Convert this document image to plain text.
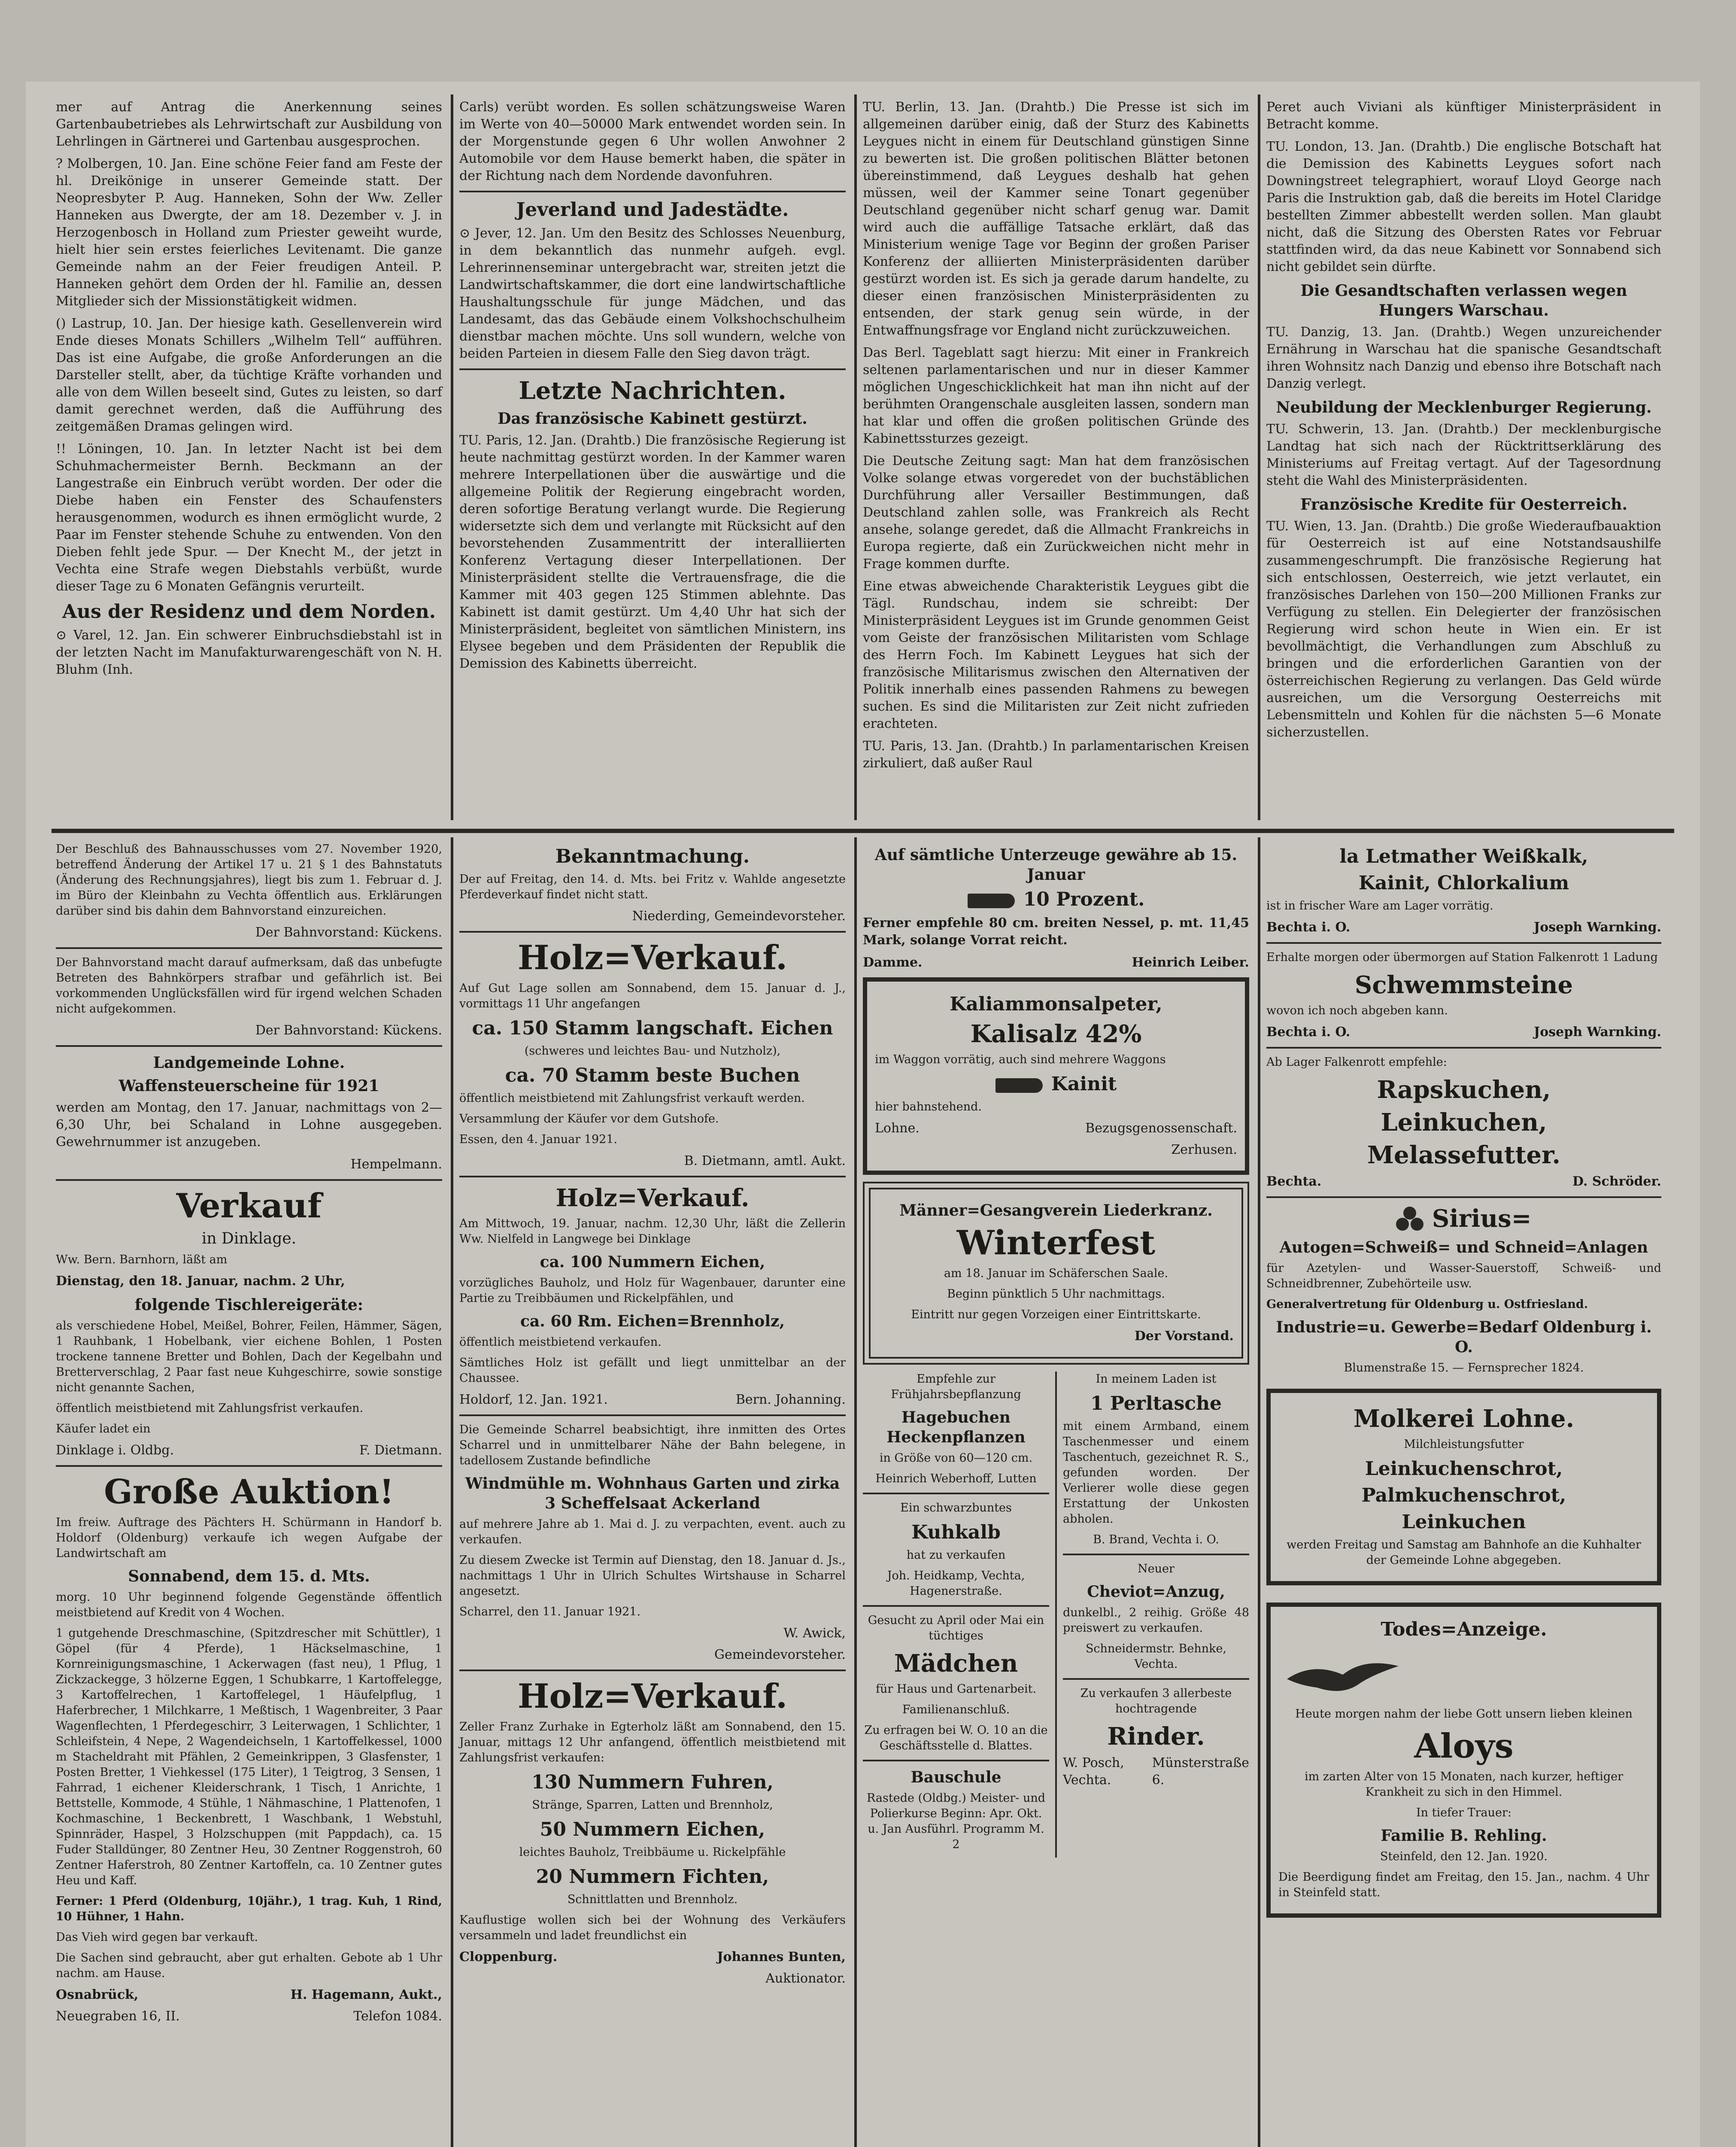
mer auf Antrag die Anerkennung seines Gartenbaubetriebes als Lehrwirtschaft zur Ausbildung von Lehrlingen in Gärtnerei und Gartenbau ausgesprochen.

? Molbergen, 10. Jan. Eine schöne Feier fand am Feste der hl. Dreikönige in unserer Gemeinde statt. Der Neopresbyter P. Aug. Hanneken, Sohn der Ww. Zeller Hanneken aus Dwergte, der am 18. Dezember v. J. in Herzogenbosch in Holland zum Priester geweiht wurde, hielt hier sein erstes feierliches Levitenamt. Die ganze Gemeinde nahm an der Feier freudigen Anteil. P. Hanneken gehört dem Orden der hl. Familie an, dessen Mitglieder sich der Missionstätigkeit widmen.

() Lastrup, 10. Jan. Der hiesige kath. Gesellenverein wird Ende dieses Monats Schillers „Wilhelm Tell“ aufführen. Das ist eine Aufgabe, die große Anforderungen an die Darsteller stellt, aber, da tüchtige Kräfte vorhanden und alle von dem Willen beseelt sind, Gutes zu leisten, so darf damit gerechnet werden, daß die Aufführung des zeitgemäßen Dramas gelingen wird.

!! Löningen, 10. Jan. In letzter Nacht ist bei dem Schuhmachermeister Bernh. Beckmann an der Langestraße ein Einbruch verübt worden. Der oder die Diebe haben ein Fenster des Schaufensters herausgenommen, wodurch es ihnen ermöglicht wurde, 2 Paar im Fenster stehende Schuhe zu entwenden. Von den Dieben fehlt jede Spur. — Der Knecht M., der jetzt in Vechta eine Strafe wegen Diebstahls verbüßt, wurde dieser Tage zu 6 Monaten Gefängnis verurteilt.

Aus der Residenz und dem Norden.

⊙ Varel, 12. Jan. Ein schwerer Einbruchsdiebstahl ist in der letzten Nacht im Manufakturwarengeschäft von N. H. Bluhm (Inh.

Carls) verübt worden. Es sollen schätzungsweise Waren im Werte von 40—50000 Mark entwendet worden sein. In der Morgenstunde gegen 6 Uhr wollen Anwohner 2 Automobile vor dem Hause bemerkt haben, die später in der Richtung nach dem Nordende davonfuhren.

Jeverland und Jadestädte.

⊙ Jever, 12. Jan. Um den Besitz des Schlosses Neuenburg, in dem bekanntlich das nunmehr aufgeh. evgl. Lehrerinnenseminar untergebracht war, streiten jetzt die Landwirtschaftskammer, die dort eine landwirtschaftliche Haushaltungsschule für junge Mädchen, und das Landesamt, das das Gebäude einem Volkshochschulheim dienstbar machen möchte. Uns soll wundern, welche von beiden Parteien in diesem Falle den Sieg davon trägt.

Letzte Nachrichten.
Das französische Kabinett gestürzt.

TU. Paris, 12. Jan. (Drahtb.) Die französische Regierung ist heute nachmittag gestürzt worden. In der Kammer waren mehrere Interpellationen über die auswärtige und die allgemeine Politik der Regierung eingebracht worden, deren sofortige Beratung verlangt wurde. Die Regierung widersetzte sich dem und verlangte mit Rücksicht auf den bevorstehenden Zusammentritt der interalliierten Konferenz Vertagung dieser Interpellationen. Der Ministerpräsident stellte die Vertrauensfrage, die die Kammer mit 403 gegen 125 Stimmen ablehnte. Das Kabinett ist damit gestürzt. Um 4,40 Uhr hat sich der Ministerpräsident, begleitet von sämtlichen Ministern, ins Elysee begeben und dem Präsidenten der Republik die Demission des Kabinetts überreicht.

TU. Berlin, 13. Jan. (Drahtb.) Die Presse ist sich im allgemeinen darüber einig, daß der Sturz des Kabinetts Leygues nicht in einem für Deutschland günstigen Sinne zu bewerten ist. Die großen politischen Blätter betonen übereinstimmend, daß Leygues deshalb hat gehen müssen, weil der Kammer seine Tonart gegenüber Deutschland gegenüber nicht scharf genug war. Damit wird auch die auffällige Tatsache erklärt, daß das Ministerium wenige Tage vor Beginn der großen Pariser Konferenz der alliierten Ministerpräsidenten darüber gestürzt worden ist. Es sich ja gerade darum handelte, zu dieser einen französischen Ministerpräsidenten zu entsenden, der stark genug sein würde, in der Entwaffnungsfrage vor England nicht zurückzuweichen.

Das Berl. Tageblatt sagt hierzu: Mit einer in Frankreich seltenen parlamentarischen und nur in dieser Kammer möglichen Ungeschicklichkeit hat man ihn nicht auf der berühmten Orangenschale ausgleiten lassen, sondern man hat klar und offen die großen politischen Gründe des Kabinettssturzes gezeigt.

Die Deutsche Zeitung sagt: Man hat dem französischen Volke solange etwas vorgeredet von der buchstäblichen Durchführung aller Versailler Bestimmungen, daß Deutschland zahlen solle, was Frankreich als Recht ansehe, solange geredet, daß die Allmacht Frankreichs in Europa regierte, daß ein Zurückweichen nicht mehr in Frage kommen durfte.

Eine etwas abweichende Charakteristik Leygues gibt die Tägl. Rundschau, indem sie schreibt: Der Ministerpräsident Leygues ist im Grunde genommen Geist vom Geiste der französischen Militaristen vom Schlage des Herrn Foch. Im Kabinett Leygues hat sich der französische Militarismus zwischen den Alternativen der Politik innerhalb eines passenden Rahmens zu bewegen suchen. Es sind die Militaristen zur Zeit nicht zufrieden erachteten.

TU. Paris, 13. Jan. (Drahtb.) In parlamentarischen Kreisen zirkuliert, daß außer Raul

Peret auch Viviani als künftiger Ministerpräsident in Betracht komme.

TU. London, 13. Jan. (Drahtb.) Die englische Botschaft hat die Demission des Kabinetts Leygues sofort nach Downingstreet telegraphiert, worauf Lloyd George nach Paris die Instruktion gab, daß die bereits im Hotel Claridge bestellten Zimmer abbestellt werden sollen. Man glaubt nicht, daß die Sitzung des Obersten Rates vor Februar stattfinden wird, da das neue Kabinett vor Sonnabend sich nicht gebildet sein dürfte.

Die Gesandtschaften verlassen wegen Hungers Warschau.

TU. Danzig, 13. Jan. (Drahtb.) Wegen unzureichender Ernährung in Warschau hat die spanische Gesandtschaft ihren Wohnsitz nach Danzig und ebenso ihre Botschaft nach Danzig verlegt.

Neubildung der Mecklenburger Regierung.

TU. Schwerin, 13. Jan. (Drahtb.) Der mecklenburgische Landtag hat sich nach der Rücktrittserklärung des Ministeriums auf Freitag vertagt. Auf der Tagesordnung steht die Wahl des Ministerpräsidenten.

Französische Kredite für Oesterreich.

TU. Wien, 13. Jan. (Drahtb.) Die große Wiederaufbauaktion für Oesterreich ist auf eine Notstandsaushilfe zusammengeschrumpft. Die französische Regierung hat sich entschlossen, Oesterreich, wie jetzt verlautet, ein französisches Darlehen von 150—200 Millionen Franks zur Verfügung zu stellen. Ein Delegierter der französischen Regierung wird schon heute in Wien ein. Er ist bevollmächtigt, die Verhandlungen zum Abschluß zu bringen und die erforderlichen Garantien von der österreichischen Regierung zu verlangen. Das Geld würde ausreichen, um die Versorgung Oesterreichs mit Lebensmitteln und Kohlen für die nächsten 5—6 Monate sicherzustellen.

Der Beschluß des Bahnausschusses vom 27. November 1920, betreffend Änderung der Artikel 17 u. 21 § 1 des Bahnstatuts (Änderung des Rechnungsjahres), liegt bis zum 1. Februar d. J. im Büro der Kleinbahn zu Vechta öffentlich aus. Erklärungen darüber sind bis dahin dem Bahnvorstand einzureichen.

Der Bahnvorstand: Kückens.

Der Bahnvorstand macht darauf aufmerksam, daß das unbefugte Betreten des Bahnkörpers strafbar und gefährlich ist. Bei vorkommenden Unglücksfällen wird für irgend welchen Schaden nicht aufgekommen.

Der Bahnvorstand: Kückens.
Landgemeinde Lohne.
Waffensteuerscheine für 1921

werden am Montag, den 17. Januar, nachmittags von 2—6,30 Uhr, bei Schaland in Lohne ausgegeben. Gewehrnummer ist anzugeben.

Hempelmann.
Verkauf
in Dinklage.

Ww. Bern. Barnhorn, läßt am

Dienstag, den 18. Januar, nachm. 2 Uhr,

folgende Tischlereigeräte:

als verschiedene Hobel, Meißel, Bohrer, Feilen, Hämmer, Sägen, 1 Rauhbank, 1 Hobelbank, vier eichene Bohlen, 1 Posten trockene tannene Bretter und Bohlen, Dach der Kegelbahn und Bretterverschlag, 2 Paar fast neue Kuhgeschirre, sowie sonstige nicht genannte Sachen,

öffentlich meistbietend mit Zahlungsfrist verkaufen.

Käufer ladet ein

Dinklage i. Oldbg.	F. Dietmann.
Große Auktion!

Im freiw. Auftrage des Pächters H. Schürmann in Handorf b. Holdorf (Oldenburg) verkaufe ich wegen Aufgabe der Landwirtschaft am

Sonnabend, dem 15. d. Mts.

morg. 10 Uhr beginnend folgende Gegenstände öffentlich meistbietend auf Kredit von 4 Wochen.

1 gutgehende Dreschmaschine, (Spitzdrescher mit Schüttler), 1 Göpel (für 4 Pferde), 1 Häckselmaschine, 1 Kornreinigungsmaschine, 1 Ackerwagen (fast neu), 1 Pflug, 1 Zickzackegge, 3 hölzerne Eggen, 1 Schubkarre, 1 Kartoffelegge, 3 Kartoffelrechen, 1 Kartoffelegel, 1 Häufelpflug, 1 Haferbrecher, 1 Milchkarre, 1 Meßtisch, 1 Wagenbreiter, 3 Paar Wagenflechten, 1 Pferdegeschirr, 3 Leiterwagen, 1 Schlichter, 1 Schleifstein, 4 Nepe, 2 Wagendeichseln, 1 Kartoffelkessel, 1000 m Stacheldraht mit Pfählen, 2 Gemeinkrippen, 3 Glasfenster, 1 Posten Bretter, 1 Viehkessel (175 Liter), 1 Teigtrog, 3 Sensen, 1 Fahrrad, 1 eichener Kleiderschrank, 1 Tisch, 1 Anrichte, 1 Bettstelle, Kommode, 4 Stühle, 1 Nähmaschine, 1 Plattenofen, 1 Kochmaschine, 1 Beckenbrett, 1 Waschbank, 1 Webstuhl, Spinnräder, Haspel, 3 Holzschuppen (mit Pappdach), ca. 15 Fuder Stalldünger, 80 Zentner Heu, 30 Zentner Roggenstroh, 60 Zentner Haferstroh, 80 Zentner Kartoffeln, ca. 10 Zentner gutes Heu und Kaff.

Ferner: 1 Pferd (Oldenburg, 10jähr.), 1 trag. Kuh, 1 Rind, 10 Hühner, 1 Hahn.

Das Vieh wird gegen bar verkauft.

Die Sachen sind gebraucht, aber gut erhalten. Gebote ab 1 Uhr nachm. am Hause.

Osnabrück,	H. Hagemann, Aukt.,
Neuegraben 16, II.	Telefon 1084.
Bekanntmachung.

Der auf Freitag, den 14. d. Mts. bei Fritz v. Wahlde angesetzte Pferdeverkauf findet nicht statt.

Niederding, Gemeindevorsteher.
Holz=Verkauf.

Auf Gut Lage sollen am Sonnabend, dem 15. Januar d. J., vormittags 11 Uhr angefangen

ca. 150 Stamm langschaft. Eichen

(schweres und leichtes Bau- und Nutzholz),

ca. 70 Stamm beste Buchen

öffentlich meistbietend mit Zahlungsfrist verkauft werden.

Versammlung der Käufer vor dem Gutshofe.

Essen, den 4. Januar 1921.

B. Dietmann, amtl. Aukt.
Holz=Verkauf.

Am Mittwoch, 19. Januar, nachm. 12,30 Uhr, läßt die Zellerin Ww. Nielfeld in Langwege bei Dinklage

ca. 100 Nummern Eichen,

vorzügliches Bauholz, und Holz für Wagenbauer, darunter eine Partie zu Treibbäumen und Rickelpfählen, und

ca. 60 Rm. Eichen=Brennholz,

öffentlich meistbietend verkaufen.

Sämtliches Holz ist gefällt und liegt unmittelbar an der Chaussee.

Holdorf, 12. Jan. 1921.	Bern. Johanning.

Die Gemeinde Scharrel beabsichtigt, ihre inmitten des Ortes Scharrel und in unmittelbarer Nähe der Bahn belegene, in tadellosem Zustande befindliche

Windmühle m. Wohnhaus Garten und zirka 3 Scheffelsaat Ackerland

auf mehrere Jahre ab 1. Mai d. J. zu verpachten, event. auch zu verkaufen.

Zu diesem Zwecke ist Termin auf Dienstag, den 18. Januar d. Js., nachmittags 1 Uhr in Ulrich Schultes Wirtshause in Scharrel angesetzt.

Scharrel, den 11. Januar 1921.

W. Awick,
Gemeindevorsteher.
Holz=Verkauf.

Zeller Franz Zurhake in Egterholz läßt am Sonnabend, den 15. Januar, mittags 12 Uhr anfangend, öffentlich meistbietend mit Zahlungsfrist verkaufen:

130 Nummern Fuhren,

Stränge, Sparren, Latten und Brennholz,

50 Nummern Eichen,

leichtes Bauholz, Treibbäume u. Rickelpfähle

20 Nummern Fichten,

Schnittlatten und Brennholz.

Kauflustige wollen sich bei der Wohnung des Verkäufers versammeln und ladet freundlichst ein

Cloppenburg.	Johannes Bunten,
Auktionator.
Auf sämtliche Unterzeuge gewähre ab 15. Januar
10 Prozent.

Ferner empfehle 80 cm. breiten Nessel, p. mt. 11,45 Mark, solange Vorrat reicht.

Damme.	Heinrich Leiber.
Kaliammonsalpeter,
Kalisalz 42%

im Waggon vorrätig, auch sind mehrere Waggons

Kainit

hier bahnstehend.

Lohne.	Bezugsgenossenschaft.
Zerhusen.
Männer=Gesangverein Liederkranz.
Winterfest

am 18. Januar im Schäferschen Saale.

Beginn pünktlich 5 Uhr nachmittags.

Eintritt nur gegen Vorzeigen einer Eintrittskarte.

Der Vorstand.

Empfehle zur Frühjahrsbepflanzung

Hagebuchen Heckenpflanzen

in Größe von 60—120 cm.

Heinrich Weberhoff, Lutten

Ein schwarzbuntes

Kuhkalb

hat zu verkaufen

Joh. Heidkamp, Vechta, Hagenerstraße.

Gesucht zu April oder Mai ein tüchtiges

Mädchen

für Haus und Gartenarbeit.

Familienanschluß.

Zu erfragen bei W. O. 10 an die Geschäftsstelle d. Blattes.

Bauschule

Rastede (Oldbg.) Meister- und Polierkurse Beginn: Apr. Okt. u. Jan Ausführl. Programm M. 2

In meinem Laden ist

1 Perltasche

mit einem Armband, einem Taschenmesser und einem Taschentuch, gezeichnet R. S., gefunden worden. Der Verlierer wolle diese gegen Erstattung der Unkosten abholen.

B. Brand, Vechta i. O.

Neuer

Cheviot=Anzug,

dunkelbl., 2 reihig. Größe 48 preiswert zu verkaufen.

Schneidermstr. Behnke, Vechta.

Zu verkaufen 3 allerbeste hochtragende

Rinder.
W. Posch, Vechta.
Münsterstraße 6.
la Letmather Weißkalk,
Kainit, Chlorkalium

ist in frischer Ware am Lager vorrätig.

Bechta i. O.	Joseph Warnking.

Erhalte morgen oder übermorgen auf Station Falkenrott 1 Ladung

Schwemmsteine

wovon ich noch abgeben kann.

Bechta i. O.	Joseph Warnking.

Ab Lager Falkenrott empfehle:

Rapskuchen,
Leinkuchen,
Melassefutter.
Bechta.	D. Schröder.
Sirius=
Autogen=Schweiß= und Schneid=Anlagen

für Azetylen- und Wasser-Sauerstoff, Schweiß- und Schneidbrenner, Zubehörteile usw.

Generalvertretung für Oldenburg u. Ostfriesland.

Industrie=u. Gewerbe=Bedarf Oldenburg i. O.

Blumenstraße 15. — Fernsprecher 1824.

Molkerei Lohne.

Milchleistungsfutter

Leinkuchenschrot,
Palmkuchenschrot,
Leinkuchen

werden Freitag und Samstag am Bahnhofe an die Kuhhalter der Gemeinde Lohne abgegeben.

Todes=Anzeige.

Heute morgen nahm der liebe Gott unsern lieben kleinen

Aloys

im zarten Alter von 15 Monaten, nach kurzer, heftiger Krankheit zu sich in den Himmel.

In tiefer Trauer:

Familie B. Rehling.

Steinfeld, den 12. Jan. 1920.

Die Beerdigung findet am Freitag, den 15. Jan., nachm. 4 Uhr in Steinfeld statt.
